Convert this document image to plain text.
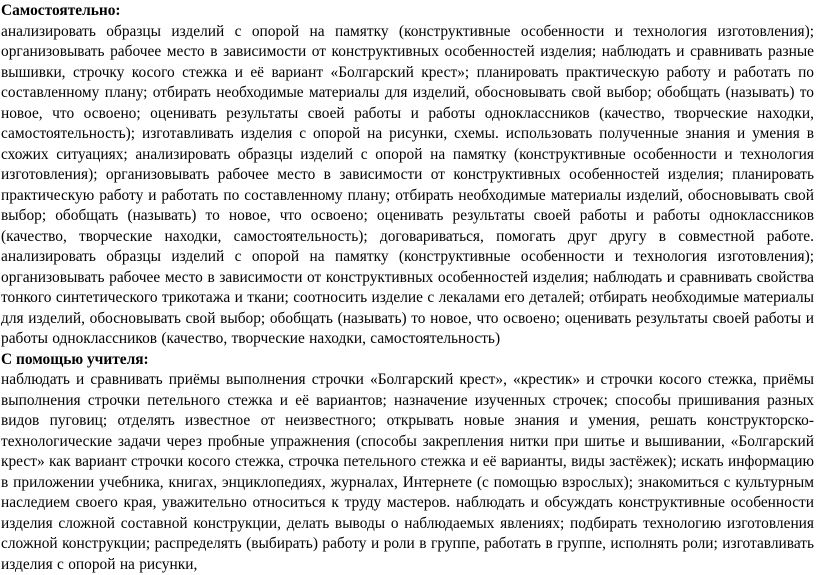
Самостоятельно:

анализировать образцы изделий с опорой на памятку (конструктивные особенности и технология изготовления); организовывать рабочее место в зависимости от конструктивных особенностей изделия; наблюдать и сравнивать разные вышивки, строчку косого стежка и её вариант «Болгарский крест»; планировать практическую работу и работать по составленному плану; отбирать необходимые материалы для изделий, обосновывать свой выбор; обобщать (называть) то новое, что освоено; оценивать результаты своей работы и работы одноклассников (качество, творческие находки, самостоятельность); изготавливать изделия с опорой на рисунки, схемы. использовать полученные знания и умения в схожих ситуациях; анализировать образцы изделий с опорой на памятку (конструктивные особенности и технология изготовления); организовывать рабочее место в зависимости от конструктивных особенностей изделия; планировать практическую работу и работать по составленному плану; отбирать необходимые материалы изделий, обосновывать свой выбор; обобщать (называть) то новое, что освоено; оценивать результаты своей работы и работы одноклассников (качество, творческие находки, самостоятельность); договариваться, помогать друг другу в совместной работе. анализировать образцы изделий с опорой на памятку (конструктивные особенности и технология изготовления); организовывать рабочее место в зависимости от конструктивных особенностей изделия; наблюдать и сравнивать свойства тонкого синтетического трикотажа и ткани; соотносить изделие с лекалами его деталей; отбирать необходимые материалы для изделий, обосновывать свой выбор; обобщать (называть) то новое, что освоено; оценивать результаты своей работы и работы одноклассников (качество, творческие находки, самостоятельность)

С помощью учителя:

наблюдать и сравнивать приёмы выполнения строчки «Болгарский крест», «крестик» и строчки косого стежка, приёмы выполнения строчки петельного стежка и её вариантов; назначение изученных строчек; способы пришивания разных видов пуговиц; отделять известное от неизвестного; открывать новые знания и умения, решать конструкторско-технологические задачи через пробные упражнения (способы закрепления нитки при шитье и вышивании, «Болгарский крест» как вариант строчки косого стежка, строчка петельного стежка и её варианты, виды застёжек); искать информацию в приложении учебника, книгах, энциклопедиях, журналах, Интернете (с помощью взрослых); знакомиться с культурным наследием своего края, уважительно относиться к труду мастеров. наблюдать и обсуждать конструктивные особенности изделия сложной составной конструкции, делать выводы о наблюдаемых явлениях; подбирать технологию изготовления сложной конструкции; распределять (выбирать) работу и роли в группе, работать в группе, исполнять роли; изготавливать изделия с опорой на рисунки,
